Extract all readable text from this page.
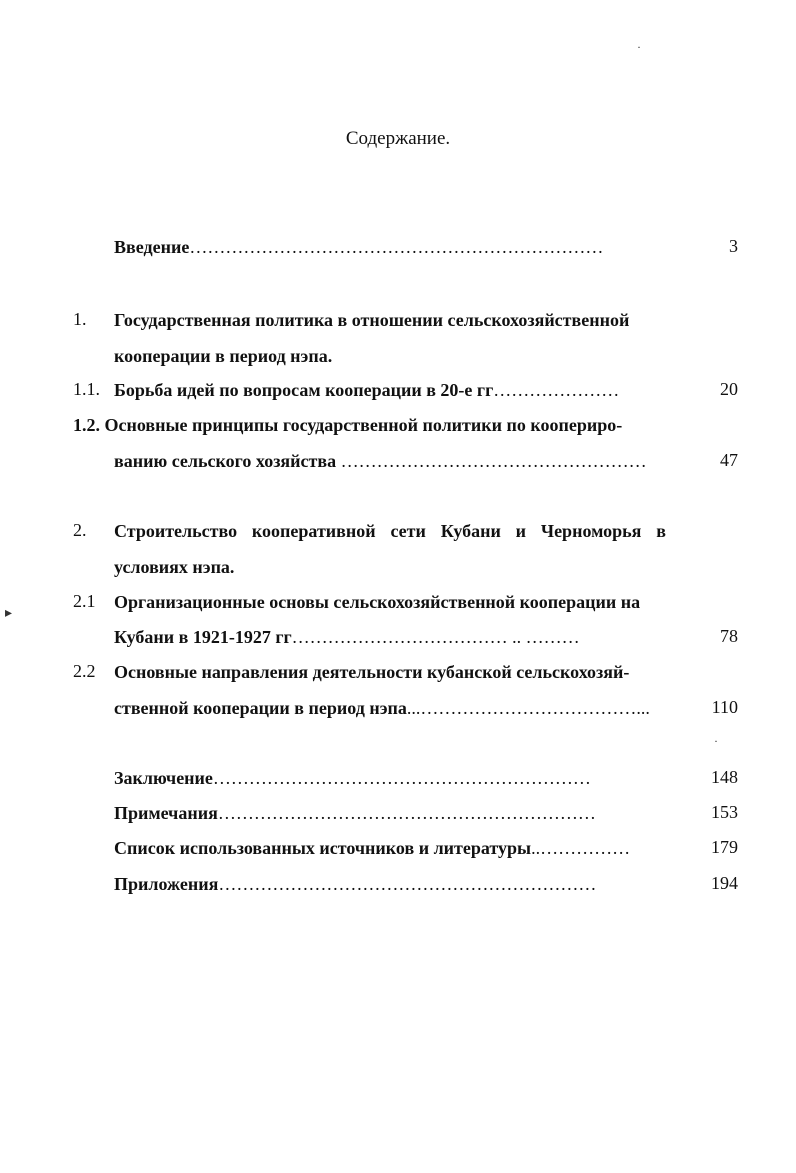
Содержание.
Введение……………………………………………………………	3
1. Государственная политика в отношении сельскохозяйственной
кооперации в период нэпа.
1.1. Борьба идей по вопросам кооперации в 20-е гг…………………	20
1.2. Основные принципы государственной политики по коопериро-
ванию сельского хозяйства ……………………………………………	47
2. Строительство кооперативной сети Кубани и Черноморья в
условиях нэпа.
2.1 Организационные основы сельскохозяйственной кооперации на
Кубани в 1921-1927 гг……………………………… .. ………	78
2.2 Основные направления деятельности кубанской сельскохозяй-
ственной кооперации в период нэпа...………………………………...	110
Заключение………………………………………………………	148
Примечания………………………………………………………	153
Список использованных источников и литературы..……………	179
Приложения………………………………………………………	194
▸
·
·
